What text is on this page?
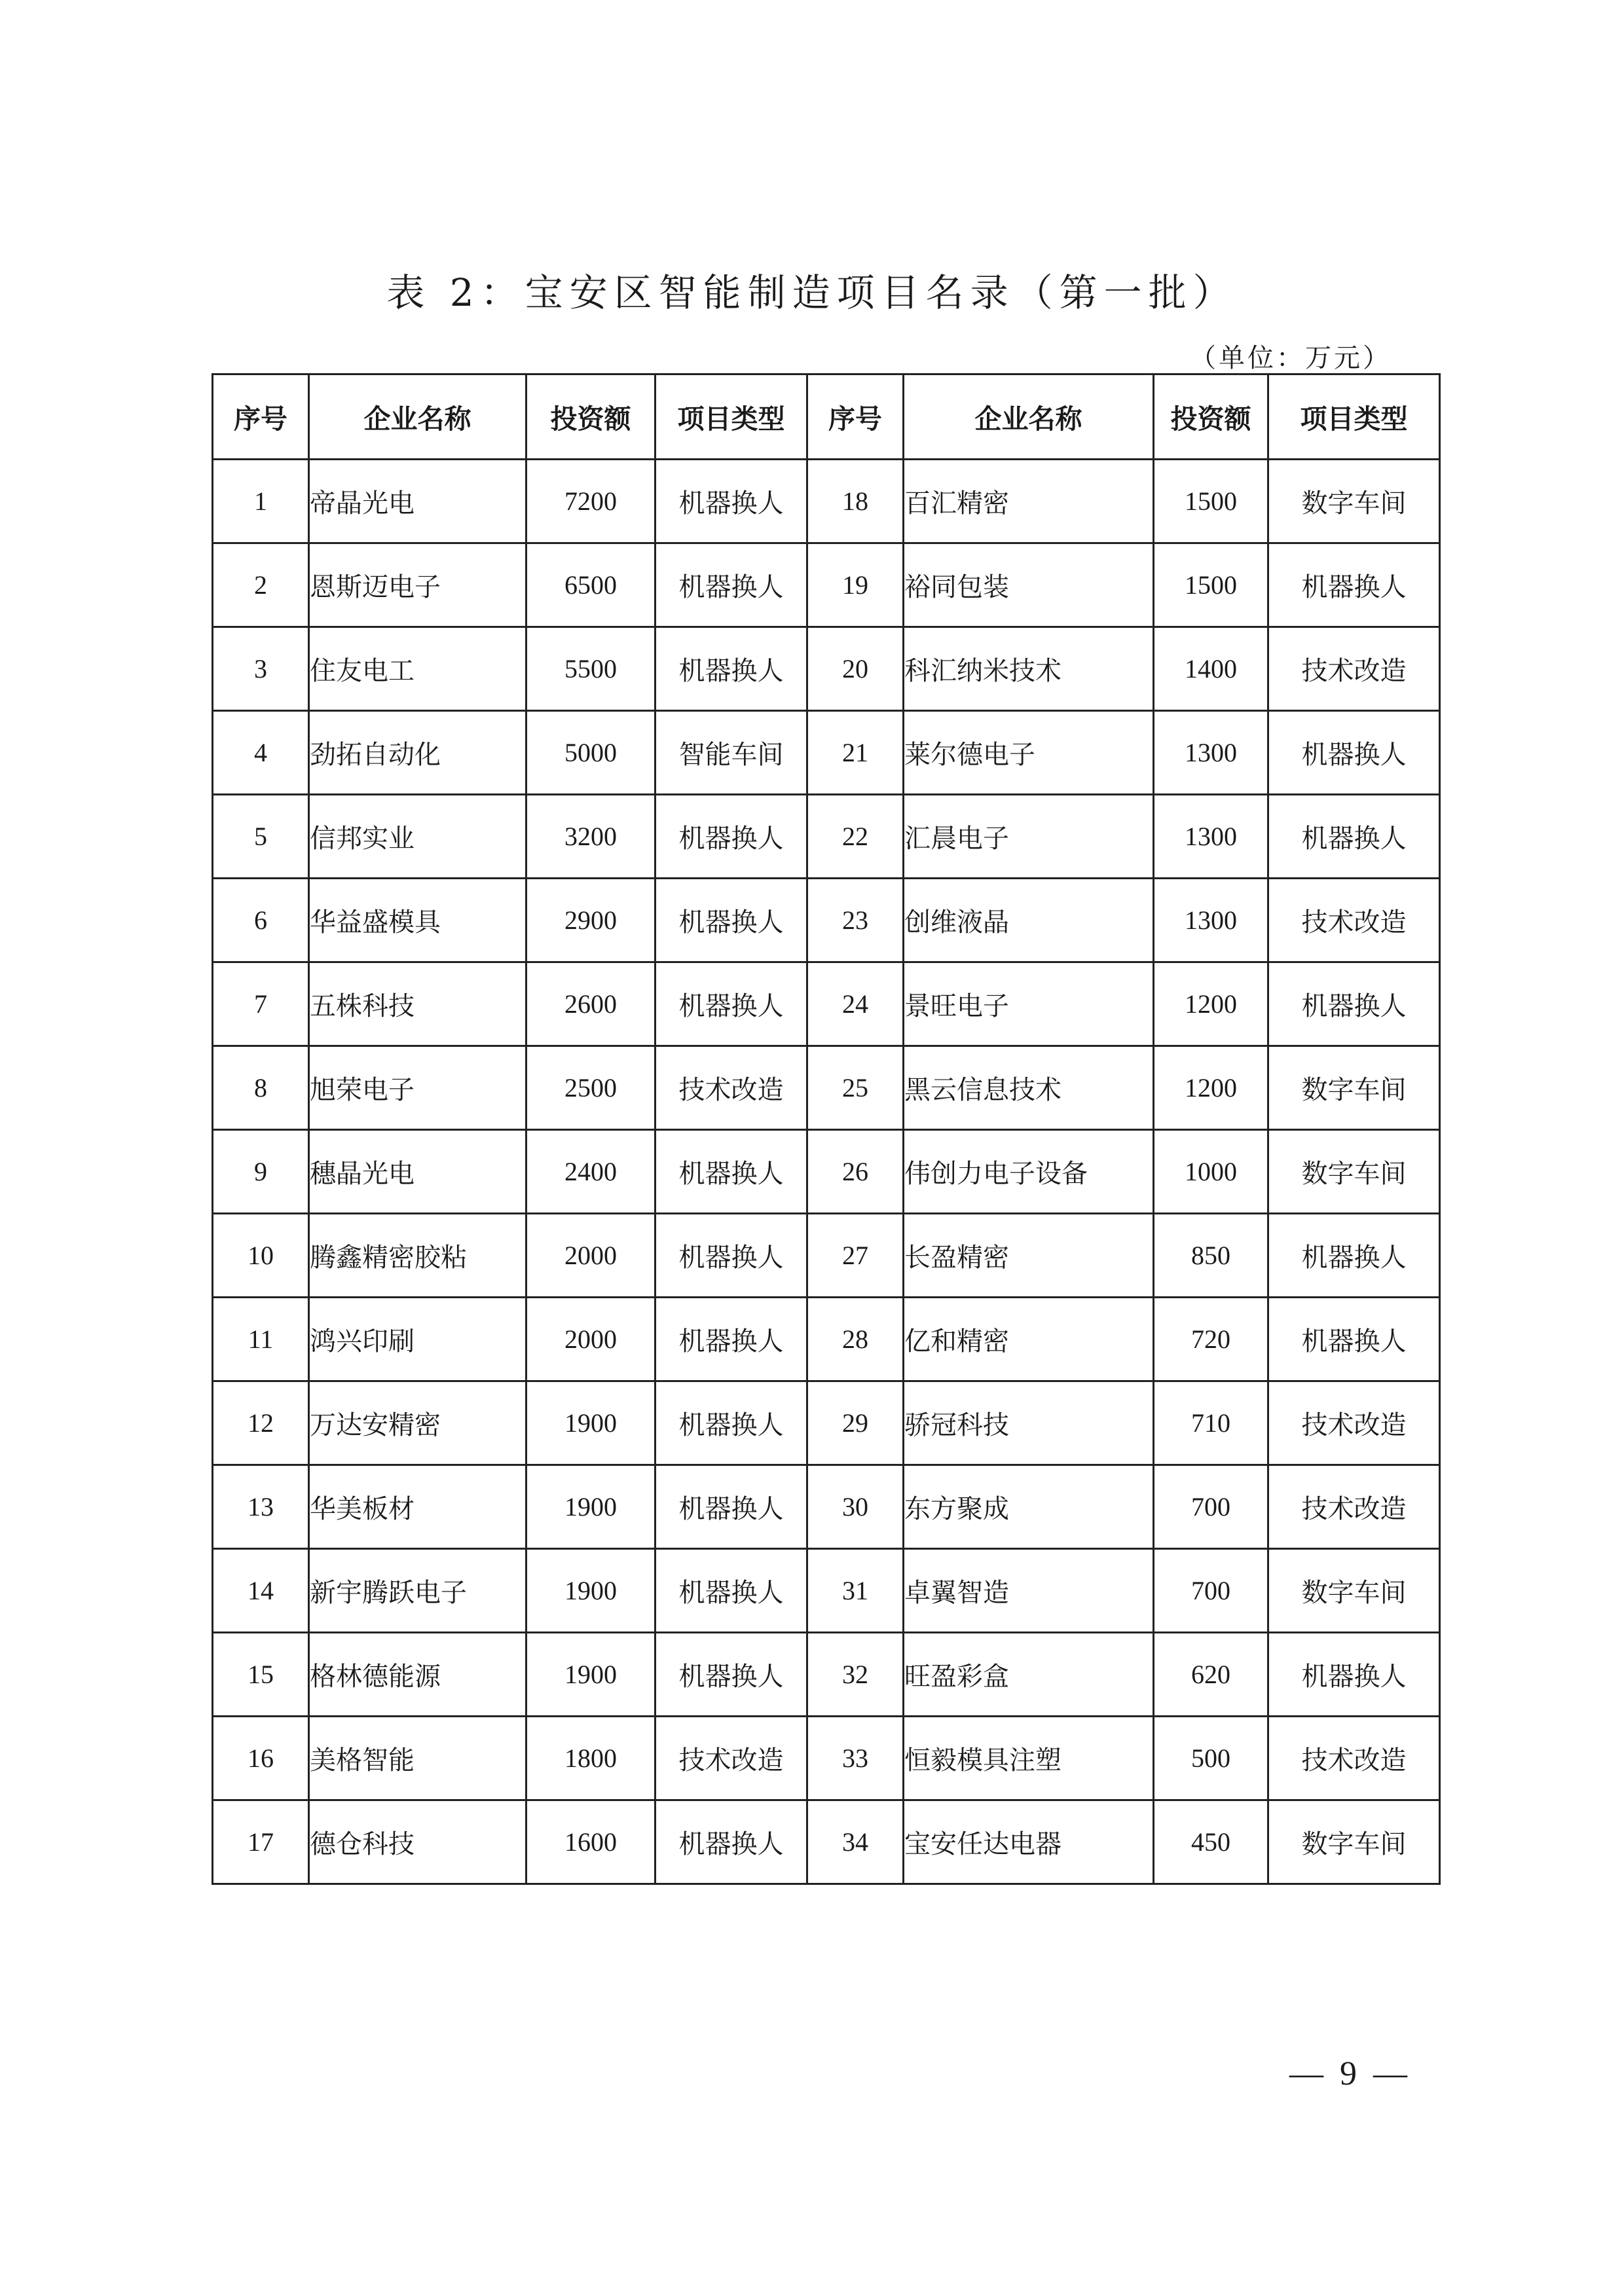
表 2：宝安区智能制造项目名录（第一批）
（单位：万元）
序号	企业名称	投资额	项目类型	序号	企业名称	投资额	项目类型
1	帝晶光电	7200	机器换人	18	百汇精密	1500	数字车间
2	恩斯迈电子	6500	机器换人	19	裕同包装	1500	机器换人
3	住友电工	5500	机器换人	20	科汇纳米技术	1400	技术改造
4	劲拓自动化	5000	智能车间	21	莱尔德电子	1300	机器换人
5	信邦实业	3200	机器换人	22	汇晨电子	1300	机器换人
6	华益盛模具	2900	机器换人	23	创维液晶	1300	技术改造
7	五株科技	2600	机器换人	24	景旺电子	1200	机器换人
8	旭荣电子	2500	技术改造	25	黑云信息技术	1200	数字车间
9	穗晶光电	2400	机器换人	26	伟创力电子设备	1000	数字车间
10	腾鑫精密胶粘	2000	机器换人	27	长盈精密	850	机器换人
11	鸿兴印刷	2000	机器换人	28	亿和精密	720	机器换人
12	万达安精密	1900	机器换人	29	骄冠科技	710	技术改造
13	华美板材	1900	机器换人	30	东方聚成	700	技术改造
14	新宇腾跃电子	1900	机器换人	31	卓翼智造	700	数字车间
15	格林德能源	1900	机器换人	32	旺盈彩盒	620	机器换人
16	美格智能	1800	技术改造	33	恒毅模具注塑	500	技术改造
17	德仓科技	1600	机器换人	34	宝安任达电器	450	数字车间
— 9 —
